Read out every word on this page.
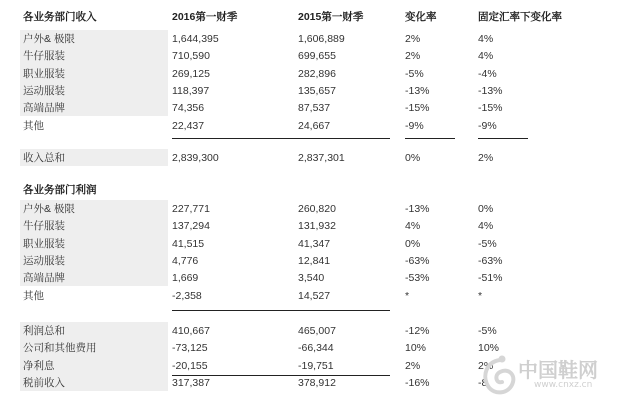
各业务部门收入	2016第一财季	2015第一财季	变化率	固定汇率下变化率
户外& 极限	1,644,395	1,606,889	2%	4%
牛仔服装	710,590	699,655	2%	4%
职业服装	269,125	282,896	-5%	-4%
运动服装	118,397	135,657	-13%	-13%
高端品牌	74,356	87,537	-15%	-15%
其他	22,437	24,667	-9%	-9%
收入总和	2,839,300	2,837,301	0%	2%
各业务部门利润
户外& 极限	227,771	260,820	-13%	0%
牛仔服装	137,294	131,932	4%	4%
职业服装	41,515	41,347	0%	-5%
运动服装	4,776	12,841	-63%	-63%
高端品牌	1,669	3,540	-53%	-51%
其他	-2,358	14,527	*	*
利润总和	410,667	465,007	-12%	-5%
公司和其他费用	-73,125	-66,344	10%	10%
净利息	-20,155	-19,751	2%	2%
税前收入	317,387	378,912	-16%	-8
中国鞋网
www.cnxz.cn
